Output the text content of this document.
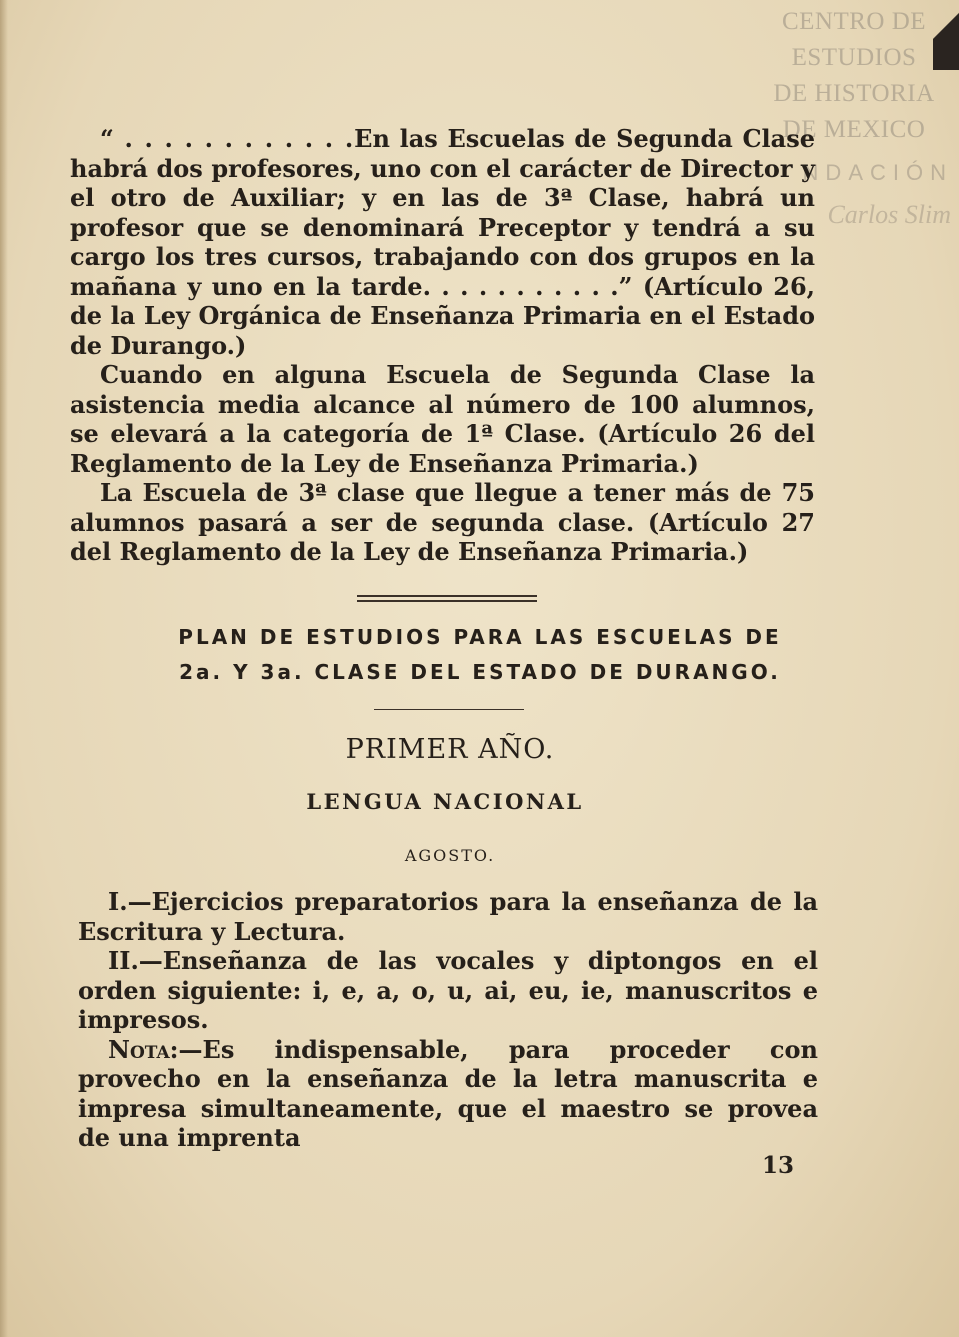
CENTRO DE
ESTUDIOS
DE HISTORIA
DE MEXICO
NDACIÓN
Carlos Slim

“ . . . . . . . . . . . .En las Escuelas de Segunda Clase habrá dos profesores, uno con el carácter de Director y el otro de Auxiliar; y en las de 3ª Clase, habrá un profesor que se denominará Preceptor y tendrá a su cargo los tres cursos, trabajando con dos grupos en la mañana y uno en la tarde. . . . . . . . . . .” (Artículo 26, de la Ley Orgánica de Enseñanza Primaria en el Estado de Durango.)

Cuando en alguna Escuela de Segunda Clase la asistencia media alcance al número de 100 alumnos, se elevará a la categoría de 1ª Clase. (Artículo 26 del Reglamento de la Ley de Enseñanza Primaria.)

La Escuela de 3ª clase que llegue a tener más de 75 alumnos pasará a ser de segunda clase. (Artículo 27 del Reglamento de la Ley de Enseñanza Primaria.)

PLAN DE ESTUDIOS PARA LAS ESCUELAS DE
2a. Y 3a. CLASE DEL ESTADO DE DURANGO.
PRIMER AÑO.
LENGUA NACIONAL
AGOSTO.

I.—Ejercicios preparatorios para la enseñanza de la Escritura y Lectura.

II.—Enseñanza de las vocales y diptongos en el orden siguiente: i, e, a, o, u, ai, eu, ie, manuscritos e impresos.

Nota:—Es indispensable, para proceder con provecho en la enseñanza de la letra manuscrita e impresa simultaneamente, que el maestro se provea de una imprenta

13
